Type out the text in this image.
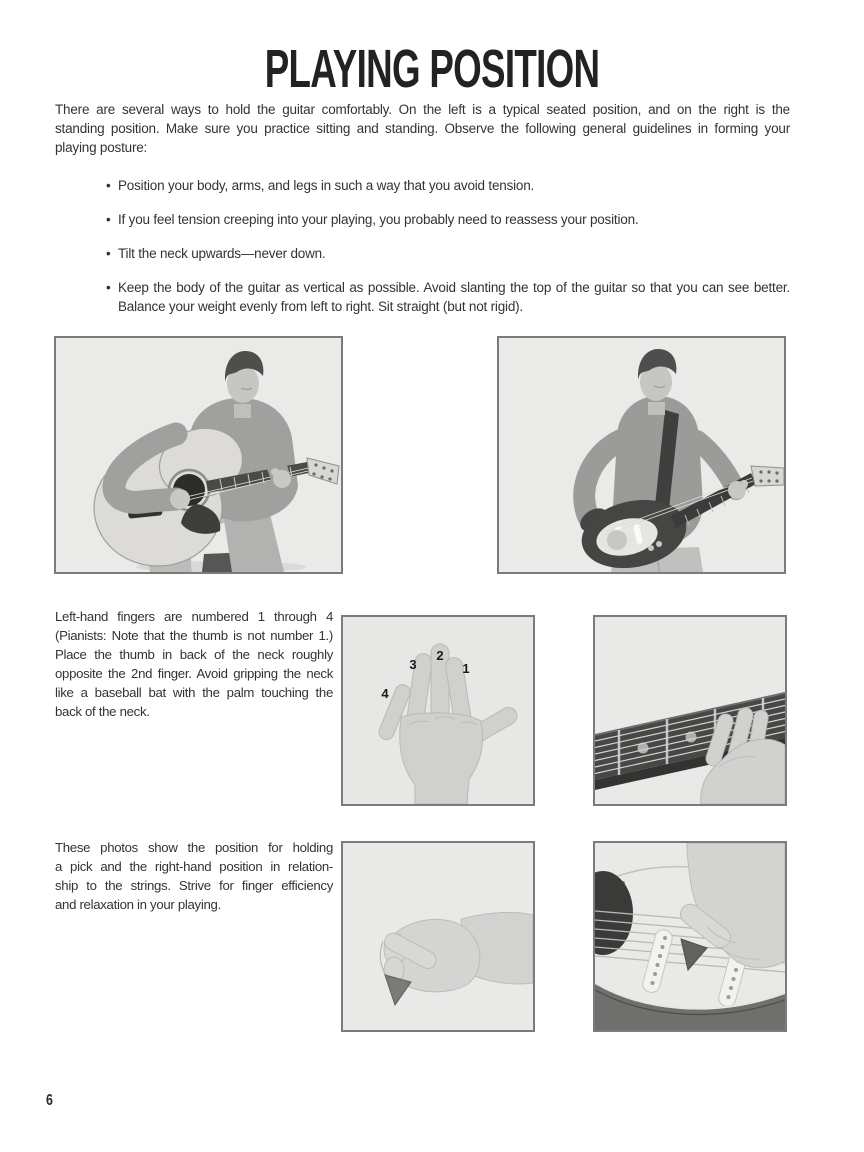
PLAYING POSITION
There are several ways to hold the guitar comfortably. On the left is a typical seated position, and on the right is the
standing position. Make sure you practice sitting and standing. Observe the following general guidelines in forming your
playing posture:
• Position your body, arms, and legs in such a way that you avoid tension.
• If you feel tension creeping into your playing, you probably need to reassess your position.
• Tilt the neck upwards—never down.
• Keep the body of the guitar as vertical as possible. Avoid slanting the top of the guitar so that you can see better.
Balance your weight evenly from left to right. Sit straight (but not rigid).
Left-hand fingers are numbered 1 through 4
(Pianists: Note that the thumb is not number 1.)
Place the thumb in back of the neck roughly
opposite the 2nd finger. Avoid gripping the neck
like a baseball bat with the palm touching the
back of the neck.
4
3
2
1
These photos show the position for holding
a pick and the right-hand position in relation-
ship to the strings. Strive for finger efficiency
and relaxation in your playing.
6
